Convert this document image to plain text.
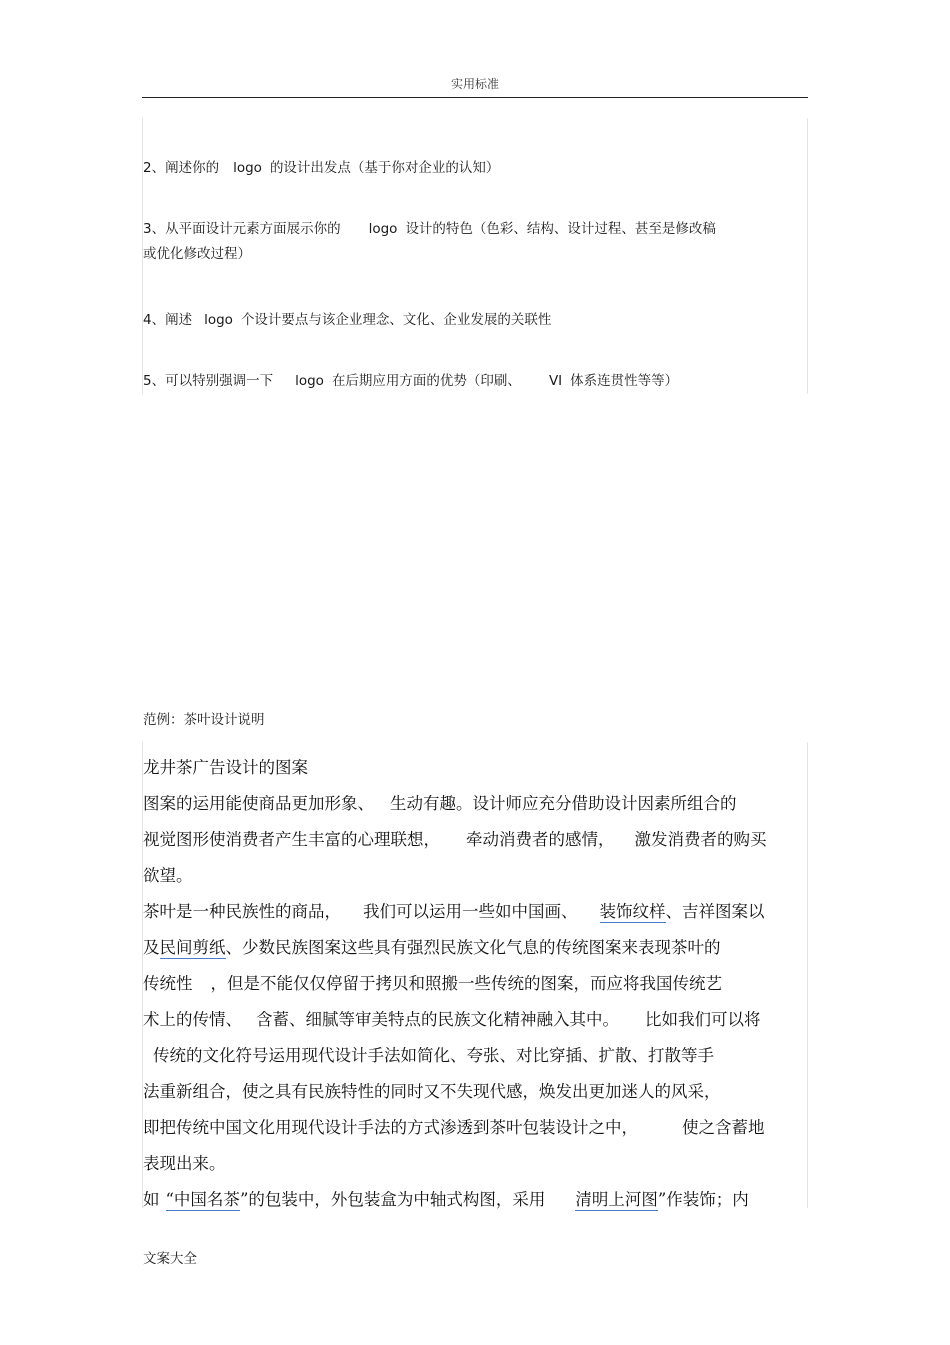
实用标准
2、阐述你的 logo 的设计出发点（基于你对企业的认知）
3、从平面设计元素方面展示你的 logo 设计的特色（色彩、结构、设计过程、甚至是修改稿
或优化修改过程）
4、阐述 logo 个设计要点与该企业理念、文化、企业发展的关联性
5、可以特别强调一下 logo 在后期应用方面的优势（印刷、 VI 体系连贯性等等）
范例：茶叶设计说明
龙井茶广告设计的图案
图案的运用能使商品更加形象、 生动有趣。设计师应充分借助设计因素所组合的
视觉图形使消费者产生丰富的心理联想， 牵动消费者的感情， 激发消费者的购买
欲望。
茶叶是一种民族性的商品， 我们可以运用一些如中国画、 装饰纹样、吉祥图案以
及民间剪纸、少数民族图案这些具有强烈民族文化气息的传统图案来表现茶叶的
传统性 ，但是不能仅仅停留于拷贝和照搬一些传统的图案，而应将我国传统艺
术上的传情、 含蓄、细腻等审美特点的民族文化精神融入其中。 比如我们可以将
传统的文化符号运用现代设计手法如简化、夸张、对比穿插、扩散、打散等手
法重新组合，使之具有民族特性的同时又不失现代感，焕发出更加迷人的风采，
即把传统中国文化用现代设计手法的方式渗透到茶叶包装设计之中，	使之含蓄地
表现出来。
如 “中国名茶”的包装中，外包装盒为中轴式构图，采用 清明上河图”作装饰；内
文案大全
